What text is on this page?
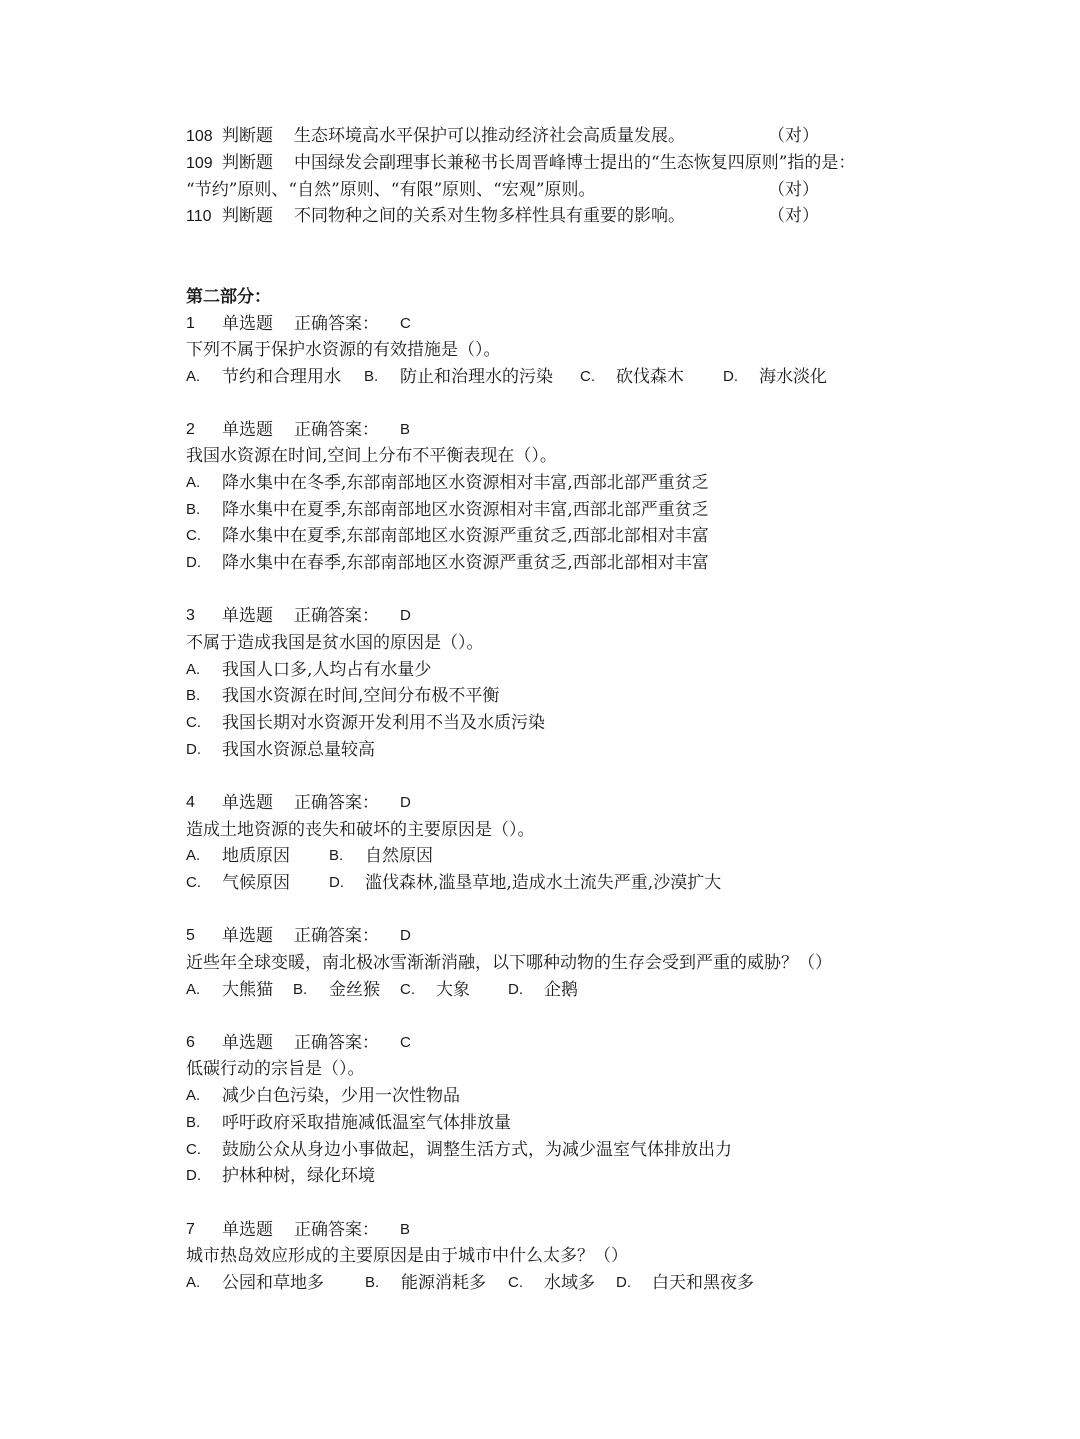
108 判断题 生态环境高水平保护可以推动经济社会高质量发展。	（对）
109 判断题 中国绿发会副理事长兼秘书长周晋峰博士提出的“生态恢复四原则”指的是：
“节约”原则、“自然”原则、“有限”原则、“宏观”原则。	（对）
110 判断题 不同物种之间的关系对生物多样性具有重要的影响。	（对）
第二部分：
1 单选题 正确答案： C
下列不属于保护水资源的有效措施是（）。
A. 节约和合理用水 B. 防止和治理水的污染 C. 砍伐森木	D. 海水淡化
2 单选题 正确答案： B
我国水资源在时间,空间上分布不平衡表现在（）。
A. 降水集中在冬季,东部南部地区水资源相对丰富,西部北部严重贫乏
B. 降水集中在夏季,东部南部地区水资源相对丰富,西部北部严重贫乏
C. 降水集中在夏季,东部南部地区水资源严重贫乏,西部北部相对丰富
D. 降水集中在春季,东部南部地区水资源严重贫乏,西部北部相对丰富
3 单选题 正确答案： D
不属于造成我国是贫水国的原因是（）。
A. 我国人口多,人均占有水量少
B. 我国水资源在时间,空间分布极不平衡
C. 我国长期对水资源开发利用不当及水质污染
D. 我国水资源总量较高
4 单选题 正确答案： D
造成土地资源的丧失和破坏的主要原因是（）。
A. 地质原因	B. 自然原因
C. 气候原因	D. 滥伐森林,滥垦草地,造成水土流失严重,沙漠扩大
5 单选题 正确答案： D
近些年全球变暖，南北极冰雪渐渐消融，以下哪种动物的生存会受到严重的威胁？（）
A. 大熊猫 B. 金丝猴 C. 大象	D. 企鹅
6 单选题 正确答案： C
低碳行动的宗旨是（）。
A. 减少白色污染，少用一次性物品
B. 呼吁政府采取措施减低温室气体排放量
C. 鼓励公众从身边小事做起，调整生活方式，为减少温室气体排放出力
D. 护林种树，绿化环境
7 单选题 正确答案： B
城市热岛效应形成的主要原因是由于城市中什么太多？（）
A. 公园和草地多	B. 能源消耗多 C. 水域多 D. 白天和黑夜多
